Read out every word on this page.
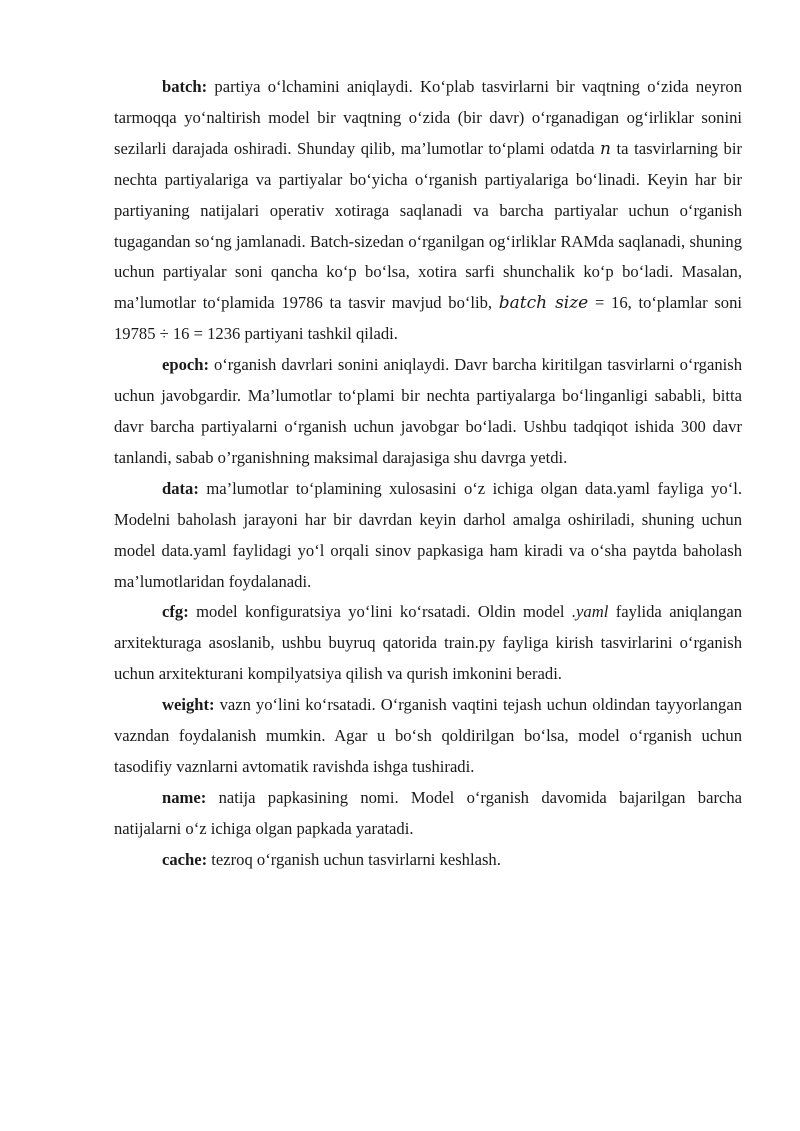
batch: partiya o‘lchamini aniqlaydi. Ko‘plab tasvirlarni bir vaqtning o‘zida neyron tarmoqqa yo‘naltirish model bir vaqtning o‘zida (bir davr) o‘rganadigan og‘irliklar sonini sezilarli darajada oshiradi. Shunday qilib, ma’lumotlar to‘plami odatda 𝑛 ta tasvirlarning bir nechta partiyalariga va partiyalar bo‘yicha o‘rganish partiyalariga bo‘linadi. Keyin har bir partiyaning natijalari operativ xotiraga saqlanadi va barcha partiyalar uchun o‘rganish tugagandan so‘ng jamlanadi. Batch-sizedan o‘rganilgan og‘irliklar RAMda saqlanadi, shuning uchun partiyalar soni qancha ko‘p bo‘lsa, xotira sarfi shunchalik ko‘p bo‘ladi. Masalan, ma’lumotlar to‘plamida 19786 ta tasvir mavjud bo‘lib, 𝑏𝑎𝑡𝑐ℎ 𝑠𝑖𝑧𝑒 = 16, to‘plamlar soni 19785 ÷ 16 = 1236 partiyani tashkil qiladi.

epoch: o‘rganish davrlari sonini aniqlaydi. Davr barcha kiritilgan tasvirlarni o‘rganish uchun javobgardir. Ma’lumotlar to‘plami bir nechta partiyalarga bo‘linganligi sababli, bitta davr barcha partiyalarni o‘rganish uchun javobgar bo‘ladi. Ushbu tadqiqot ishida 300 davr tanlandi, sabab o’rganishning maksimal darajasiga shu davrga yetdi.

data: ma’lumotlar to‘plamining xulosasini o‘z ichiga olgan data.yaml fayliga yo‘l. Modelni baholash jarayoni har bir davrdan keyin darhol amalga oshiriladi, shuning uchun model data.yaml faylidagi yo‘l orqali sinov papkasiga ham kiradi va o‘sha paytda baholash ma’lumotlaridan foydalanadi.

cfg: model konfiguratsiya yo‘lini ko‘rsatadi. Oldin model .yaml faylida aniqlangan arxitekturaga asoslanib, ushbu buyruq qatorida train.py fayliga kirish tasvirlarini o‘rganish uchun arxitekturani kompilyatsiya qilish va qurish imkonini beradi.

weight: vazn yo‘lini ko‘rsatadi. O‘rganish vaqtini tejash uchun oldindan tayyorlangan vazndan foydalanish mumkin. Agar u bo‘sh qoldirilgan bo‘lsa, model o‘rganish uchun tasodifiy vaznlarni avtomatik ravishda ishga tushiradi.

name: natija papkasining nomi. Model o‘rganish davomida bajarilgan barcha natijalarni o‘z ichiga olgan papkada yaratadi.

cache: tezroq o‘rganish uchun tasvirlarni keshlash.
